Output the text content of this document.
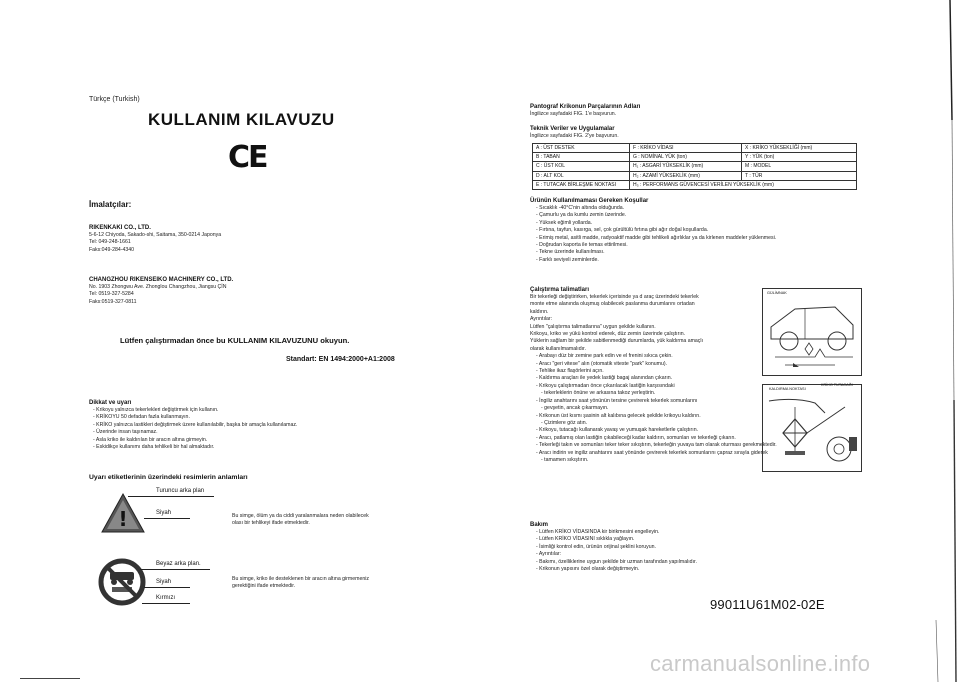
Türkçe (Turkish)
KULLANIM KILAVUZU
CE
İmalatçılar:
RIKENKAKI CO., LTD.
5-6-12 Chiyoda, Sakado-shi, Saitama, 350-0214 Japonya
Tel: 049-248-1661
Faks:049-284-4340
CHANGZHOU RIKENSEIKO MACHINERY CO., LTD.
No. 1903 Zhongwu Ave. Zhonglou Changzhou, Jiangsu ÇİN
Tel: 0519-327-5284
Faks:0519-327-0811
Lütfen çalıştırmadan önce bu KULLANIM KILAVUZUNU okuyun.
Standart: EN 1494:2000+A1:2008
Dikkat ve uyarı
- Krikoyu yalnızca tekerlekleri değiştirmek için kullanın.
- KRİKOYU 50 defadan fazla kullanmayın.
- KRİKO yalnızca lastikleri değiştirmek üzere kullanılabilir, başka bir amaçla kullanılamaz.
- Üzerinde insan taşınamaz.
- Asla kriko ile kaldırılan bir aracın altına girmeyin.
- Eskidikçe kullanımı daha tehlikeli bir hal almaktadır.
Uyarı etiketlerinin üzerindeki resimlerin anlamları
!
Turuncu arka plan
Siyah	Bu simge, ölüm ya da ciddi yaralanmalara neden olabilecek
olası bir tehlikeyi ifade etmektedir.
Beyaz arka plan.
Siyah
Kırmızı
Bu simge, kriko ile desteklenen bir aracın altına girmemeniz
gerektiğini ifade etmektedir.
Pantograf Krikonun Parçalarının Adları
İngilizce sayfadaki FIG. 1'e başvurun.
Teknik Veriler ve Uygulamalar
İngilizce sayfadaki FIG. 2'ye başvurun.
A : ÜST DESTEK	F : KRİKO VİDASI	X : KRİKO YÜKSEKLİĞİ (mm)
B : TABAN	G : NOMİNAL YÜK (ton)	Y : YÜK (ton)
C : ÜST KOL	H₁ : ASGARİ YÜKSEKLİK (mm)	M : MODEL
D : ALT KOL	H₂ : AZAMİ YÜKSEKLİK (mm)	T : TÜR
E : TUTACAK BİRLEŞME NOKTASI	H₃ : PERFORMANS GÜVENCESİ VERİLEN YÜKSEKLİK (mm)	
Ürünün Kullanılmaması Gereken Koşullar
- Sıcaklık -40°C'nin altında olduğunda.
- Çamurlu ya da kumlu zemin üzerinde.
- Yüksek eğimli yollarda.
- Fırtına, tayfun, kasırga, sel, çok gürültülü fırtına gibi ağır doğal koşullarda.
- Erimiş metal, asitli madde, radyoaktif madde gibi tehlikeli ağırlıklar ya da kirlenen maddeler yüklenmesi.
- Doğrudan kaporta ile temas ettirilmesi.
- Tekne üzerinde kullanılması.
- Farklı seviyeli zeminlerde.
Çalıştırma talimatları
Bir tekerleği değiştirirken, tekerlek içerisinde ya d araç üzerindeki tekerlek
monte etme alanında oluşmuş olabilecek paslanma durumlarını ortadan
kaldırın.
Ayrıntılar:
Lütfen "çalıştırma talimatlarına" uygun şekilde kullanın.
Krikoyu, kriko ve yükü kontrol ederek, düz zemin üzerinde çalıştırın.
Yüklerin sağlam bir şekilde sabitlenmediği durumlarda, yük kaldırma amaçlı
olarak kullanılmamalıdır.
- Arabayı düz bir zemine park edin ve el frenini sıkıca çekin.
- Aracı "geri vitese" alın (otomatik viteste "park" konumu).
- Tehlike ikaz flaşörlerini açın.
- Kaldırma araçları ile yedek lastiği bagaj alanından çıkarın.
- Krikoyu çalıştırmadan önce çıkarılacak lastiğin karşısındaki
- tekerleklerin önüne ve arkasına takoz yerleştirin.
- İngiliz anahtarını saat yönünün tersine çevirerek tekerlek somunlarını
- gevşetin, ancak çıkarmayın.
- Krikonun üst kısmı şasinin alt kalıbına gelecek şekilde krikoyu kaldırın.
- Çizimlere göz atın.
- Krikoyu, tutacağı kullanarak yavaş ve yumuşak hareketlerle çalıştırın.
- Aracı, patlamış olan lastiğin çıkabileceği kadar kaldırın, somunları ve tekerleği çıkarın.
- Tekerleği takın ve somunları teker teker sıkıştırın, tekerleğin yuvaya tam olarak oturması gerekmektedir.
- Aracı indirin ve ingiliz anahtarını saat yönünde çevirerek tekerlek somunlarını çapraz sırayla giderek
- tamamen sıkıştırın.
GÜLİMNAK
KALDIRMA NOKTASI
KRİKO TUTACAĞI
Bakım
- Lütfen KRİKO VİDASINDA kir birikmesini engelleyin.
- Lütfen KRİKO VİDASINI sıklıkla yağlayın.
- İsimliği kontrol edin, ürünün orijinal şeklini koruyun.
- Ayrıntılar:
- Bakımı, özelliklerine uygun şekilde bir uzman tarafından yapılmalıdır.
- Krikonun yapısını özel olarak değiştirmeyin.
99011U61M02-02E
carmanualsonline.info
